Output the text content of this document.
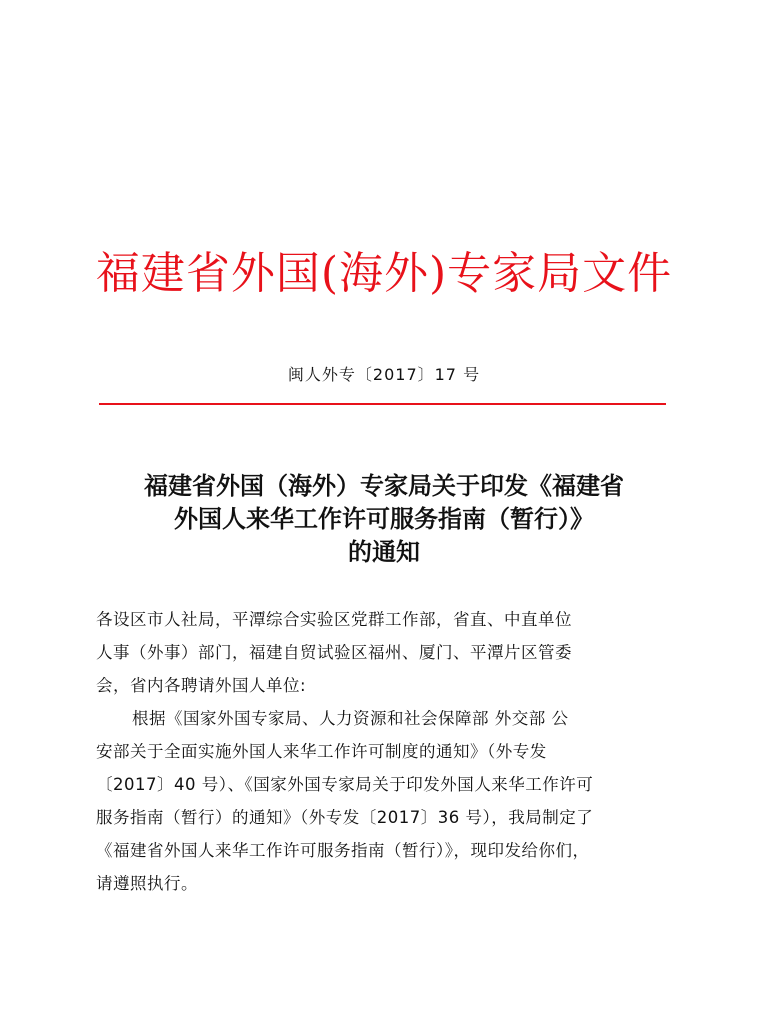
福建省外国(海外)专家局文件
闽人外专〔2017〕17 号
福建省外国（海外）专家局关于印发《福建省
外国人来华工作许可服务指南（暂行）》
的通知
各设区市人社局，平潭综合实验区党群工作部，省直、中直单位
人事（外事）部门，福建自贸试验区福州、厦门、平潭片区管委
会，省内各聘请外国人单位:
根据《国家外国专家局、人力资源和社会保障部 外交部 公
安部关于全面实施外国人来华工作许可制度的通知》（外专发
〔2017〕40 号）、《国家外国专家局关于印发外国人来华工作许可
服务指南（暂行）的通知》（外专发〔2017〕36 号），我局制定了
《福建省外国人来华工作许可服务指南（暂行）》，现印发给你们，
请遵照执行。
